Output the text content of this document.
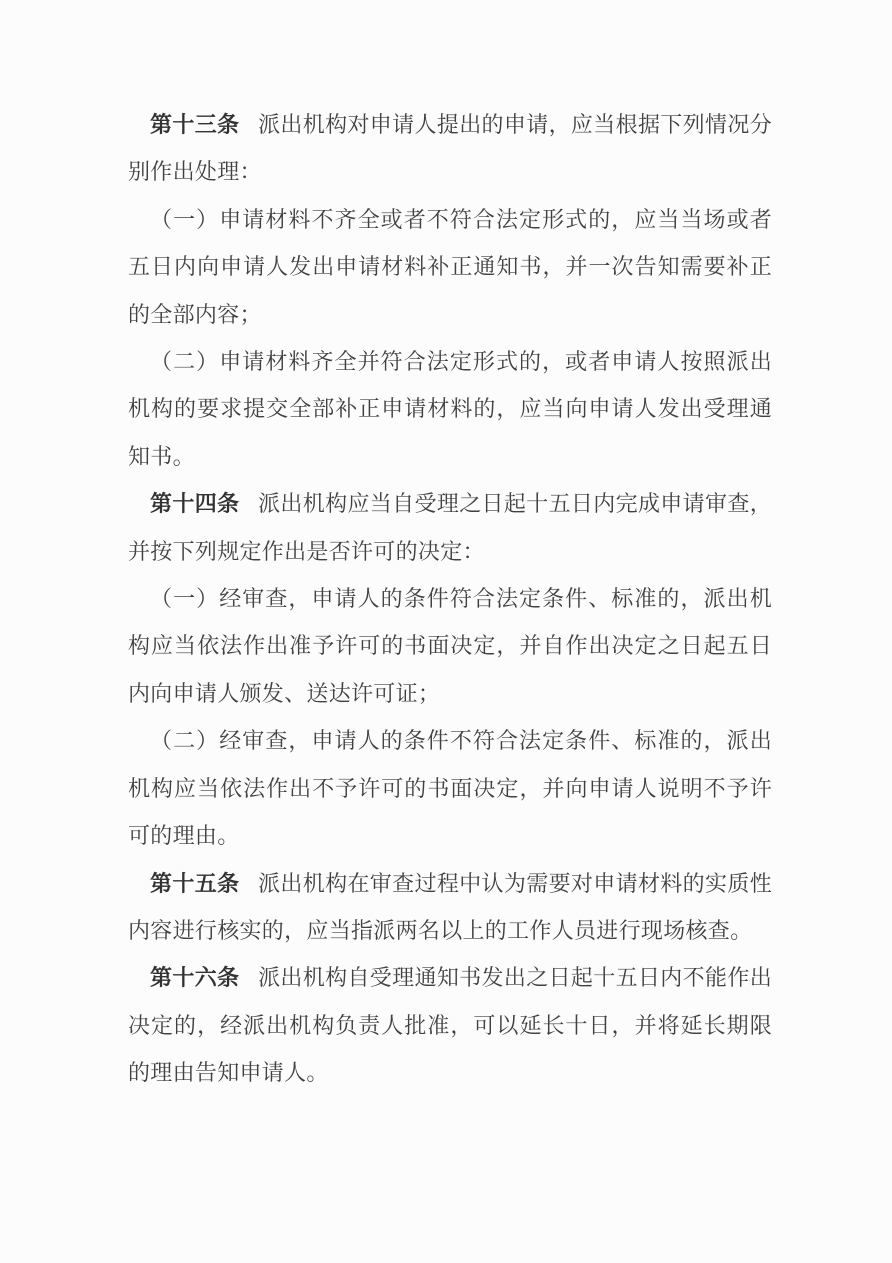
第十三条 派出机构对申请人提出的申请，应当根据下列情况分别作出处理：

（一）申请材料不齐全或者不符合法定形式的，应当当场或者五日内向申请人发出申请材料补正通知书，并一次告知需要补正的全部内容；

（二）申请材料齐全并符合法定形式的，或者申请人按照派出机构的要求提交全部补正申请材料的，应当向申请人发出受理通知书。

第十四条 派出机构应当自受理之日起十五日内完成申请审查，并按下列规定作出是否许可的决定：

（一）经审查，申请人的条件符合法定条件、标准的，派出机构应当依法作出准予许可的书面决定，并自作出决定之日起五日内向申请人颁发、送达许可证；

（二）经审查，申请人的条件不符合法定条件、标准的，派出机构应当依法作出不予许可的书面决定，并向申请人说明不予许可的理由。

第十五条 派出机构在审查过程中认为需要对申请材料的实质性内容进行核实的，应当指派两名以上的工作人员进行现场核查。

第十六条 派出机构自受理通知书发出之日起十五日内不能作出决定的，经派出机构负责人批准，可以延长十日，并将延长期限的理由告知申请人。
